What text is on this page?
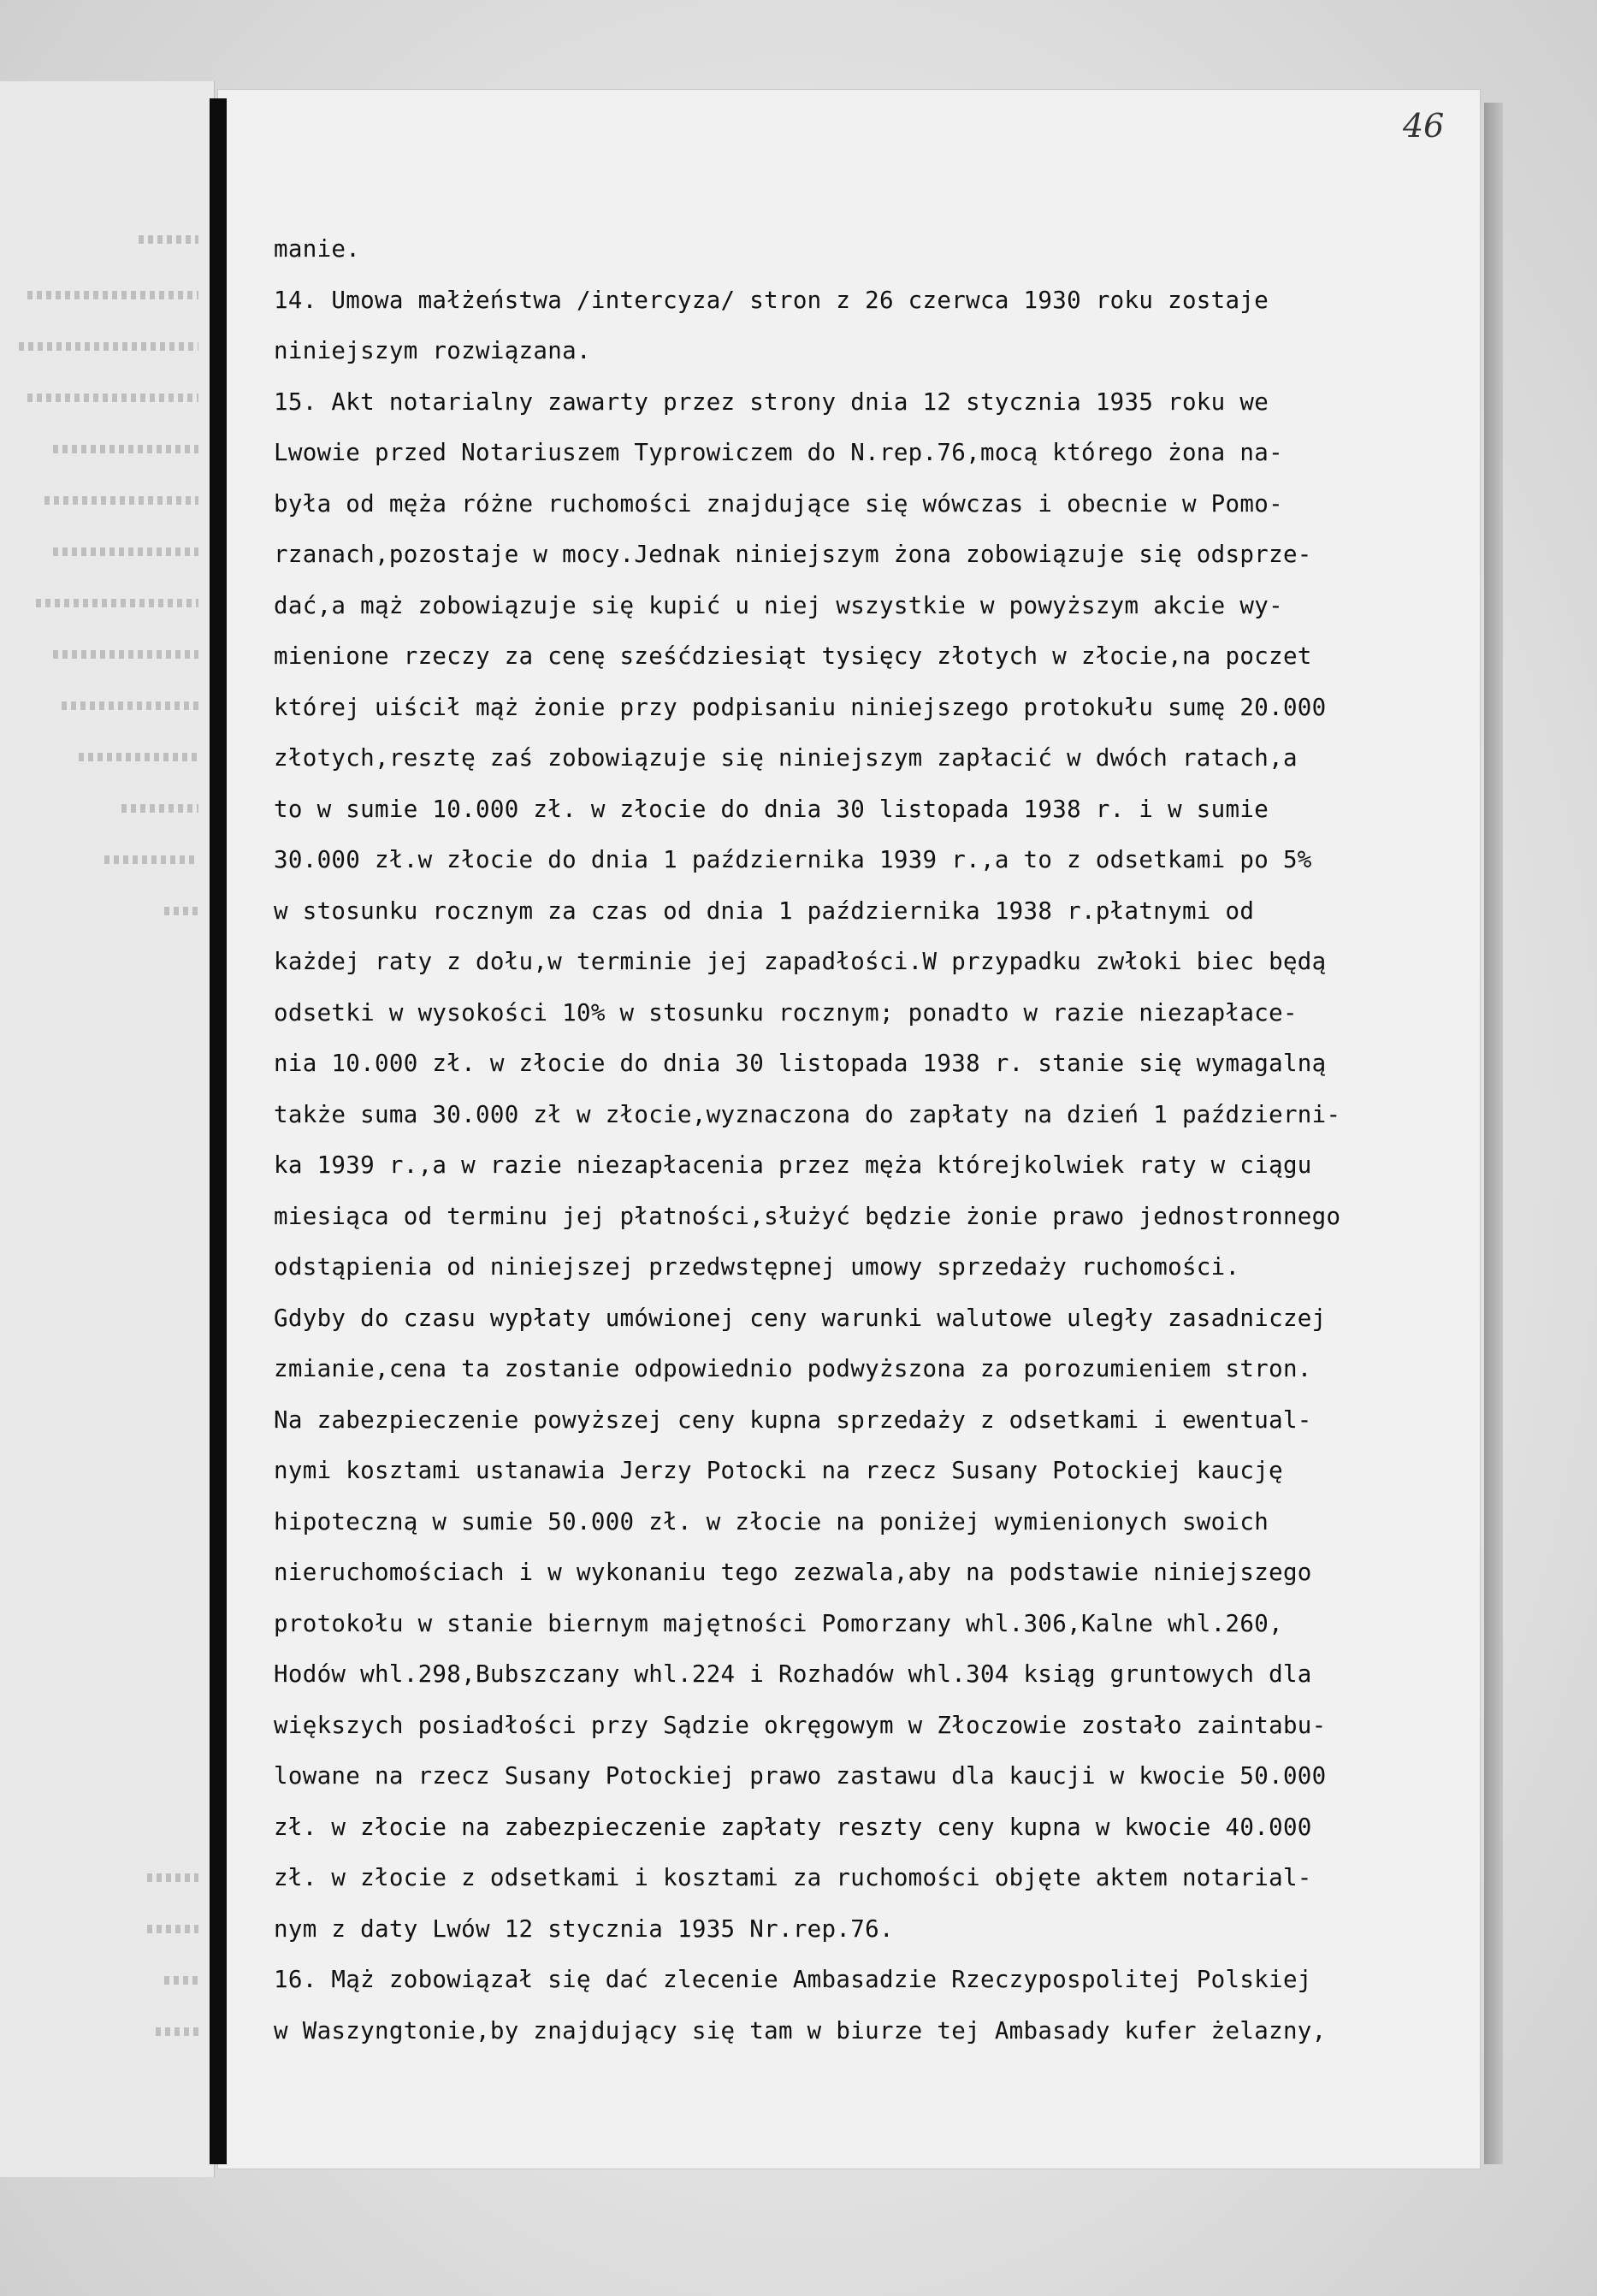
46

manie.
14. Umowa małżeństwa /intercyza/ stron z 26 czerwca 1930 roku zostaje
niniejszym rozwiązana.
15. Akt notarialny zawarty przez strony dnia 12 stycznia 1935 roku we
Lwowie przed Notariuszem Typrowiczem do N.rep.76,mocą którego żona na-
była od męża różne ruchomości znajdujące się wówczas i obecnie w Pomo-
rzanach,pozostaje w mocy.Jednak niniejszym żona zobowiązuje się odsprze-
dać,a mąż zobowiązuje się kupić u niej wszystkie w powyższym akcie wy-
mienione rzeczy za cenę sześćdziesiąt tysięcy złotych w złocie,na poczet
której uiścił mąż żonie przy podpisaniu niniejszego protokułu sumę 20.000
złotych,resztę zaś zobowiązuje się niniejszym zapłacić w dwóch ratach,a
to w sumie 10.000 zł. w złocie do dnia 30 listopada 1938 r. i w sumie
30.000 zł.w złocie do dnia 1 października 1939 r.,a to z odsetkami po 5%
w stosunku rocznym za czas od dnia 1 października 1938 r.płatnymi od
każdej raty z dołu,w terminie jej zapadłości.W przypadku zwłoki biec będą
odsetki w wysokości 10% w stosunku rocznym; ponadto w razie niezapłace-
nia 10.000 zł. w złocie do dnia 30 listopada 1938 r. stanie się wymagalną
także suma 30.000 zł w złocie,wyznaczona do zapłaty na dzień 1 październi-
ka 1939 r.,a w razie niezapłacenia przez męża którejkolwiek raty w ciągu
miesiąca od terminu jej płatności,służyć będzie żonie prawo jednostronnego
odstąpienia od niniejszej przedwstępnej umowy sprzedaży ruchomości.
Gdyby do czasu wypłaty umówionej ceny warunki walutowe uległy zasadniczej
zmianie,cena ta zostanie odpowiednio podwyższona za porozumieniem stron.
Na zabezpieczenie powyższej ceny kupna sprzedaży z odsetkami i ewentual-
nymi kosztami ustanawia Jerzy Potocki na rzecz Susany Potockiej kaucję
hipoteczną w sumie 50.000 zł. w złocie na poniżej wymienionych swoich
nieruchomościach i w wykonaniu tego zezwala,aby na podstawie niniejszego
protokołu w stanie biernym majętności Pomorzany whl.306,Kalne whl.260,
Hodów whl.298,Bubszczany whl.224 i Rozhadów whl.304 ksiąg gruntowych dla
większych posiadłości przy Sądzie okręgowym w Złoczowie zostało zaintabu-
lowane na rzecz Susany Potockiej prawo zastawu dla kaucji w kwocie 50.000
zł. w złocie na zabezpieczenie zapłaty reszty ceny kupna w kwocie 40.000
zł. w złocie z odsetkami i kosztami za ruchomości objęte aktem notarial-
nym z daty Lwów 12 stycznia 1935 Nr.rep.76.
16. Mąż zobowiązał się dać zlecenie Ambasadzie Rzeczypospolitej Polskiej
w Waszyngtonie,by znajdujący się tam w biurze tej Ambasady kufer żelazny,
